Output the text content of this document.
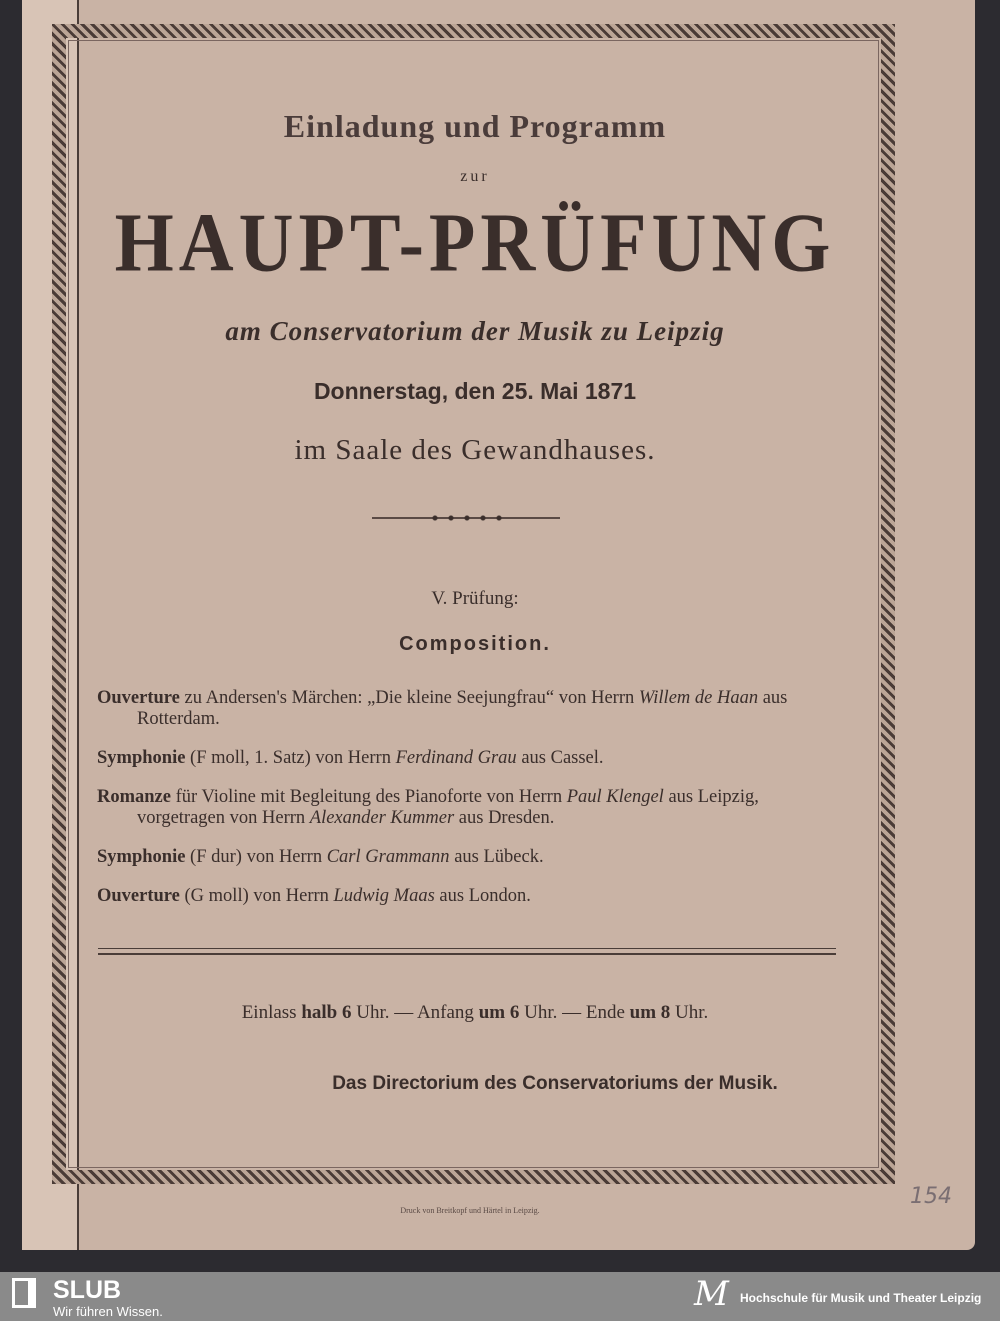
Einladung und Programm
zur
HAUPT-PRÜFUNG
am Conservatorium der Musik zu Leipzig
Donnerstag, den 25. Mai 1871
im Saale des Gewandhauses.
V. Prüfung:
Composition.
Ouverture zu Andersen's Märchen: „Die kleine Seejungfrau“ von Herrn Willem de Haan aus Rotterdam.
Symphonie (F moll, 1. Satz) von Herrn Ferdinand Grau aus Cassel.
Romanze für Violine mit Begleitung des Pianoforte von Herrn Paul Klengel aus Leipzig, vorgetragen von Herrn Alexander Kummer aus Dresden.
Symphonie (F dur) von Herrn Carl Grammann aus Lübeck.
Ouverture (G moll) von Herrn Ludwig Maas aus London.
Einlass halb 6 Uhr. — Anfang um 6 Uhr. — Ende um 8 Uhr.
Das Directorium des Conservatoriums der Musik.
Druck von Breitkopf und Härtel in Leipzig.
154
SLUB
Wir führen Wissen.	M Hochschule für Musik und Theater Leipzig
